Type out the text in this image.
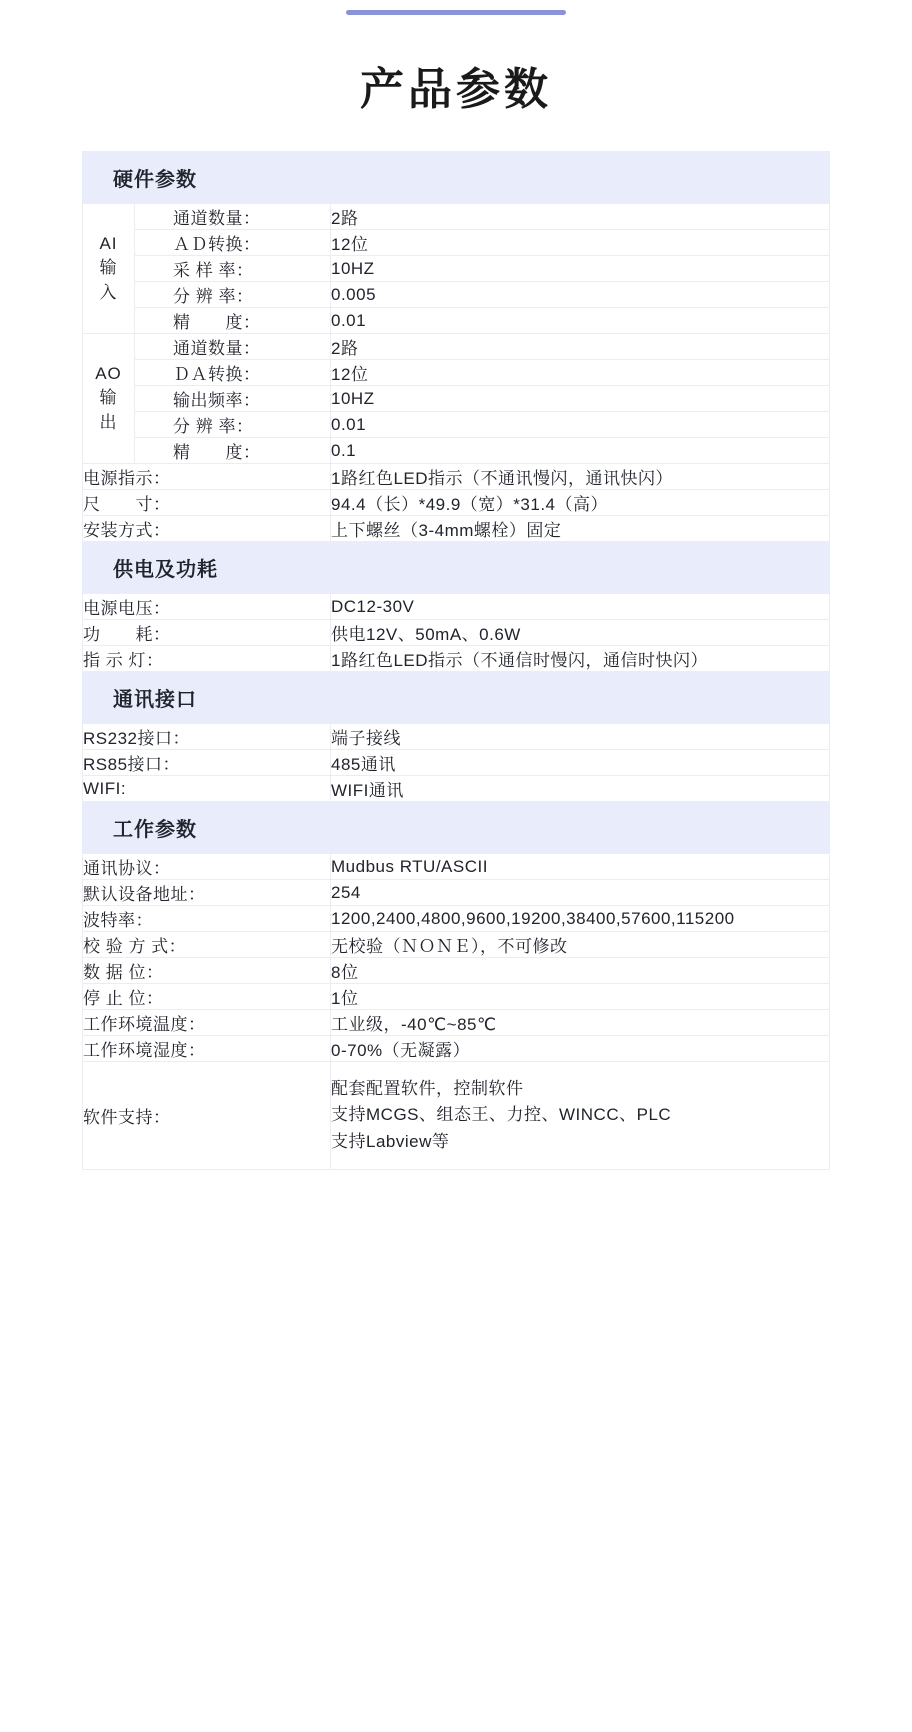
产品参数
硬件参数		

AI
输
入	通道数量：	2路
	ＡＤ转换：	12位
	采 样 率：	10HZ
	分 辨 率：	0.005
	精　　度：	0.01

AO
输
出	通道数量：	2路
	ＤＡ转换：	12位
	输出频率：	10HZ
	分 辨 率：	0.01
	精　　度：	0.1
电源指示：		1路红色LED指示（不通讯慢闪，通讯快闪）
尺　　寸：		94.4（长）*49.9（宽）*31.4（高）
安装方式：		上下螺丝（3-4mm螺栓）固定
供电及功耗		
电源电压：		DC12-30V
功　　耗：		供电12V、50mA、0.6W
指 示 灯：		1路红色LED指示（不通信时慢闪，通信时快闪）
通讯接口		
RS232接口：		端子接线
RS85接口：		485通讯
WIFI:		WIFI通讯
工作参数		
通讯协议：		Mudbus RTU/ASCII
默认设备地址：		254
波特率：		1200,2400,4800,9600,19200,38400,57600,115200
校 验 方 式：		无校验（ＮＯＮＥ），不可修改
数 据 位：		8位
停 止 位：		1位
工作环境温度：		工业级，-40℃~85℃
工作环境湿度：		0-70%（无凝露）
软件支持：		配套配置软件，控制软件
支持MCGS、组态王、力控、WINCC、PLC
支持Labview等
